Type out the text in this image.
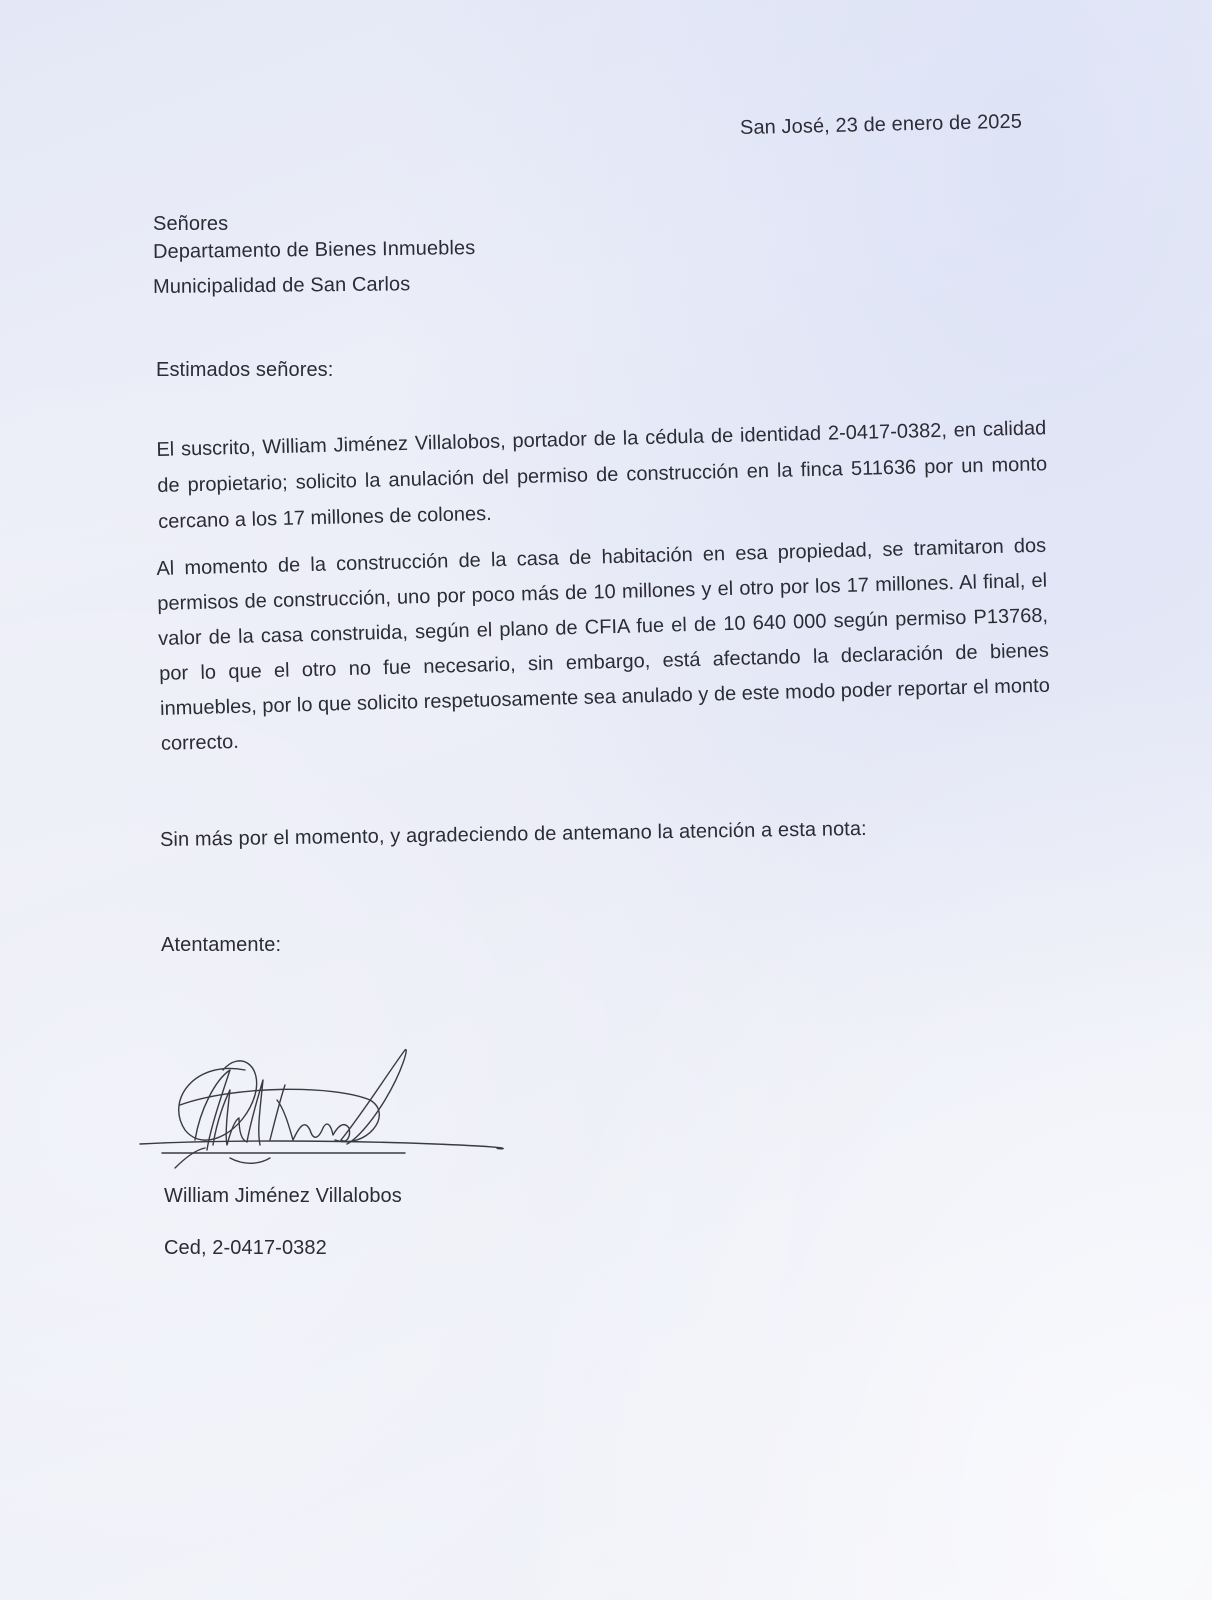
San José, 23 de enero de 2025
Señores
Departamento de Bienes Inmuebles
Municipalidad de San Carlos
Estimados señores:
El suscrito, William Jiménez Villalobos, portador de la cédula de identidad 2-0417-0382, en calidad de propietario; solicito la anulación del permiso de construcción en la finca 511636 por un monto cercano a los 17 millones de colones.
Al momento de la construcción de la casa de habitación en esa propiedad, se tramitaron dos permisos de construcción, uno por poco más de 10 millones y el otro por los 17 millones. Al final, el valor de la casa construida, según el plano de CFIA fue el de 10 640 000 según permiso P13768, por lo que el otro no fue necesario, sin embargo, está afectando la declaración de bienes inmuebles, por lo que solicito respetuosamente sea anulado y de este modo poder reportar el monto correcto.
Sin más por el momento, y agradeciendo de antemano la atención a esta nota:
Atentamente:
William Jiménez Villalobos
Ced, 2-0417-0382
